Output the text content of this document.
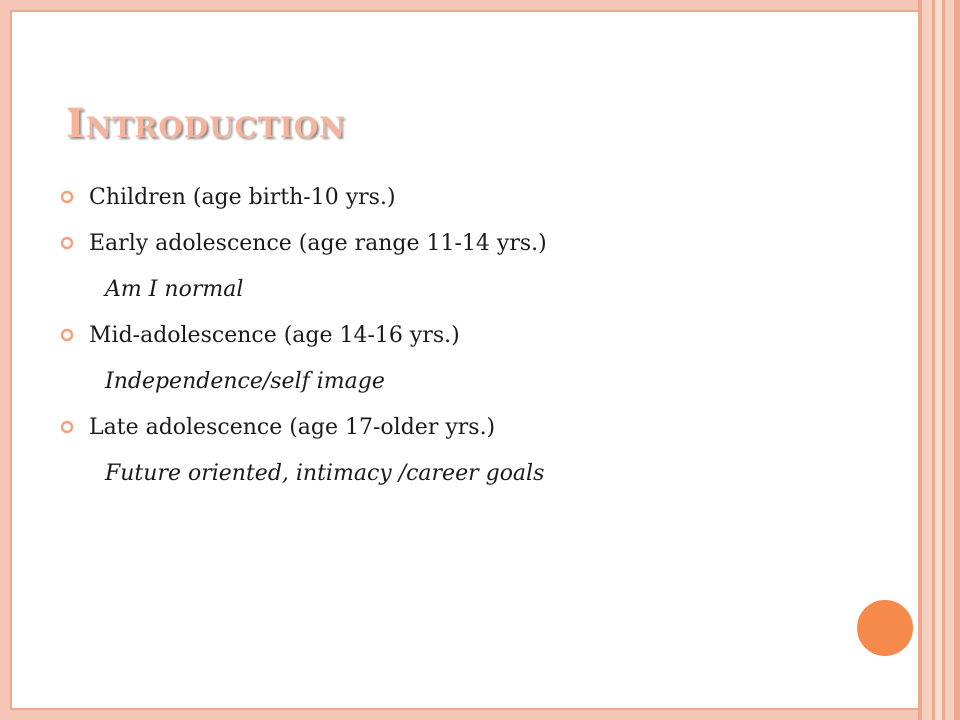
Introduction
Children (age birth-10 yrs.)
Early adolescence (age range 11-14 yrs.)
Am I normal
Mid-adolescence (age 14-16 yrs.)
Independence/self image
Late adolescence (age 17-older yrs.)
Future oriented, intimacy /career goals
